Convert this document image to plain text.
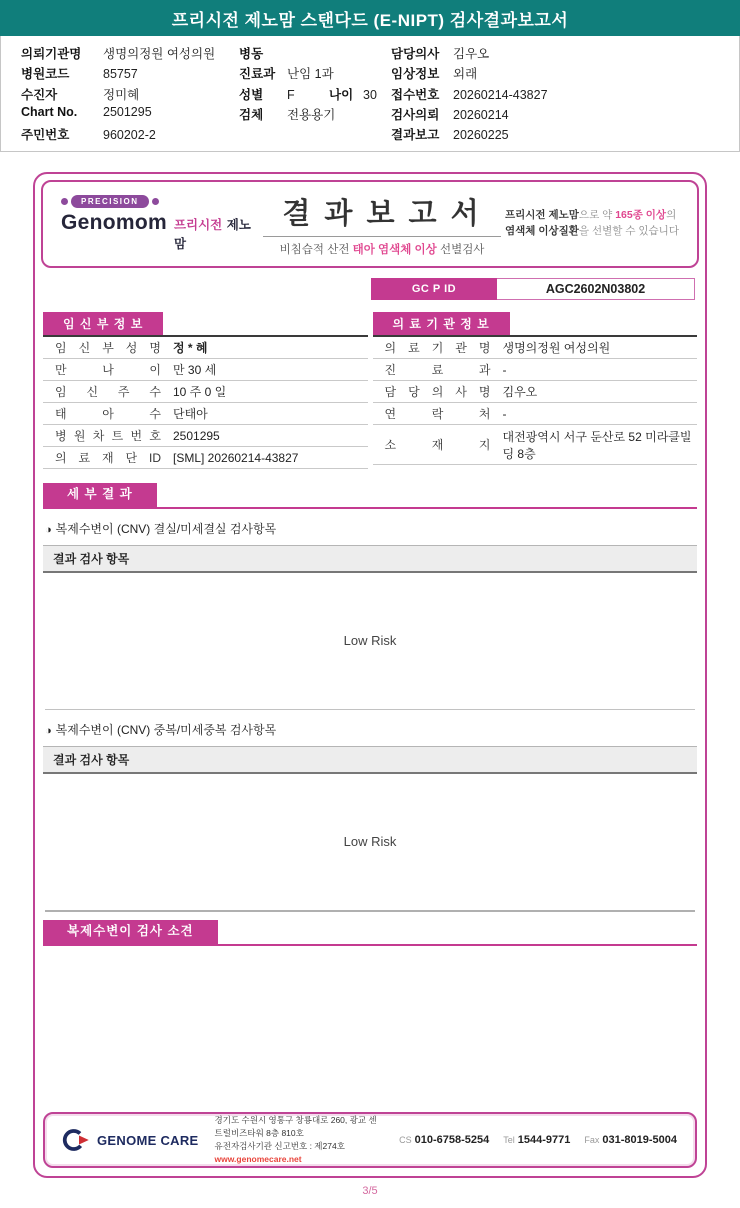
프리시전 제노맘 스탠다드 (E-NIPT) 검사결과보고서
의뢰기관명	생명의정원 여성의원
병원코드	85757
수진자	정미혜
Chart No.	2501295
주민번호	960202-2
병동
진료과 난임 1과
성별	F	나이 30
검체	전용용기
담당의사	김우오
임상정보	외래
접수번호	20260214-43827
검사의뢰	20260214
결과보고	20260225
PRECISION
Genomom 프리시전 제노맘
결 과 보 고 서
비침습적 산전 태아 염색체 이상 선별검사
프리시전 제노맘으로 약 165종 이상의
염색체 이상질환을 선별할 수 있습니다
GC P ID	AGC2602N03802
임 신 부 정 보
임 신 부 성 명	정 * 혜
만 나 이	만 30 세
임 신 주 수	10 주 0 일
태 아 수	단태아
병 원 차 트 번 호	2501295
의 료 재 단 ID	[SML] 20260214-43827
의 료 기 관 정 보
의 료 기 관 명	생명의정원 여성의원
진 료 과	-
담 당 의 사 명	김우오
연 락 처	-
소 재 지
대전광역시 서구 둔산로 52 미라클빌딩 8층
세 부 결 과
◑ 복제수변이 (CNV) 결실/미세결실 검사항목
결과 검사 항목
Low Risk
◑ 복제수변이 (CNV) 중복/미세중복 검사항목
결과 검사 항목
Low Risk
복제수변이 검사 소견
GENOME CARE
경기도 수원시 영통구 창룡대로 260, 광교 센트럴비즈타워 8층 810호
유전자검사기관 신고번호 : 제274호
www.genomecare.net
CS 010-6758-5254 Tel 1544-9771 Fax 031-8019-5004
3/5
